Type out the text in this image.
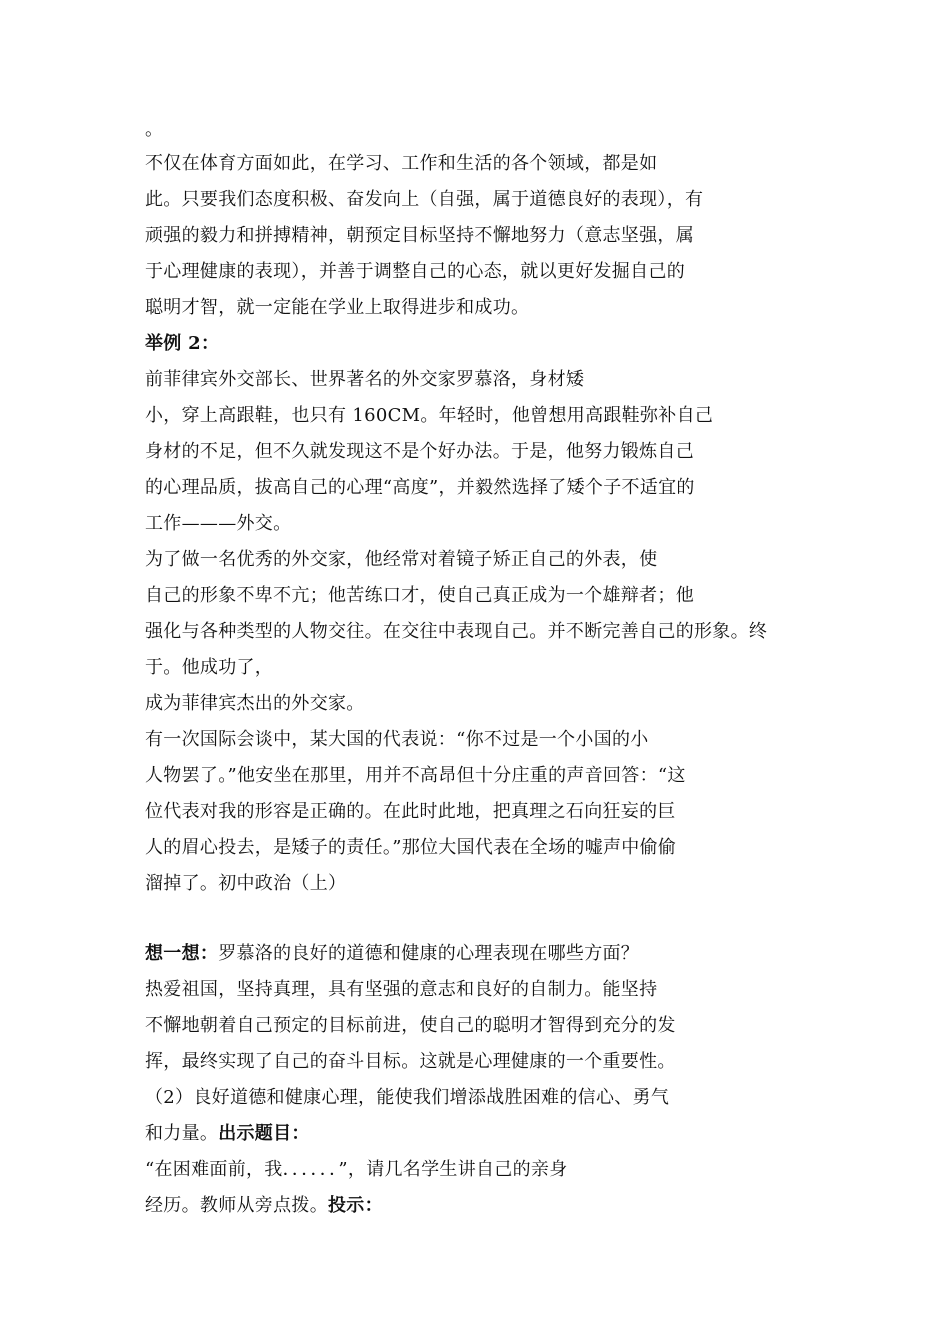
。
不仅在体育方面如此，在学习、工作和生活的各个领域，都是如
此。只要我们态度积极、奋发向上（自强，属于道德良好的表现），有
顽强的毅力和拼搏精神，朝预定目标坚持不懈地努力（意志坚强，属
于心理健康的表现），并善于调整自己的心态，就以更好发掘自己的
聪明才智，就一定能在学业上取得进步和成功。
举例 2：
前菲律宾外交部长、世界著名的外交家罗慕洛，身材矮
小，穿上高跟鞋，也只有 160CM。年轻时，他曾想用高跟鞋弥补自己
身材的不足，但不久就发现这不是个好办法。于是，他努力锻炼自己
的心理品质，拔高自己的心理“高度”，并毅然选择了矮个子不适宜的
工作———外交。
为了做一名优秀的外交家，他经常对着镜子矫正自己的外表，使
自己的形象不卑不亢；他苦练口才，使自己真正成为一个雄辩者；他
强化与各种类型的人物交往。在交往中表现自己。并不断完善自己的形象。终
于。他成功了，
成为菲律宾杰出的外交家。
有一次国际会谈中，某大国的代表说：“你不过是一个小国的小
人物罢了。”他安坐在那里，用并不高昂但十分庄重的声音回答：“这
位代表对我的形容是正确的。在此时此地，把真理之石向狂妄的巨
人的眉心投去，是矮子的责任。”那位大国代表在全场的嘘声中偷偷
溜掉了。初中政治（上）
想一想：罗慕洛的良好的道德和健康的心理表现在哪些方面？
热爱祖国，坚持真理，具有坚强的意志和良好的自制力。能坚持
不懈地朝着自己预定的目标前进，使自己的聪明才智得到充分的发
挥，最终实现了自己的奋斗目标。这就是心理健康的一个重要性。
（2）良好道德和健康心理，能使我们增添战胜困难的信心、勇气
和力量。出示题目：
“在困难面前，我．．．．．．”，请几名学生讲自己的亲身
经历。教师从旁点拨。投示：
